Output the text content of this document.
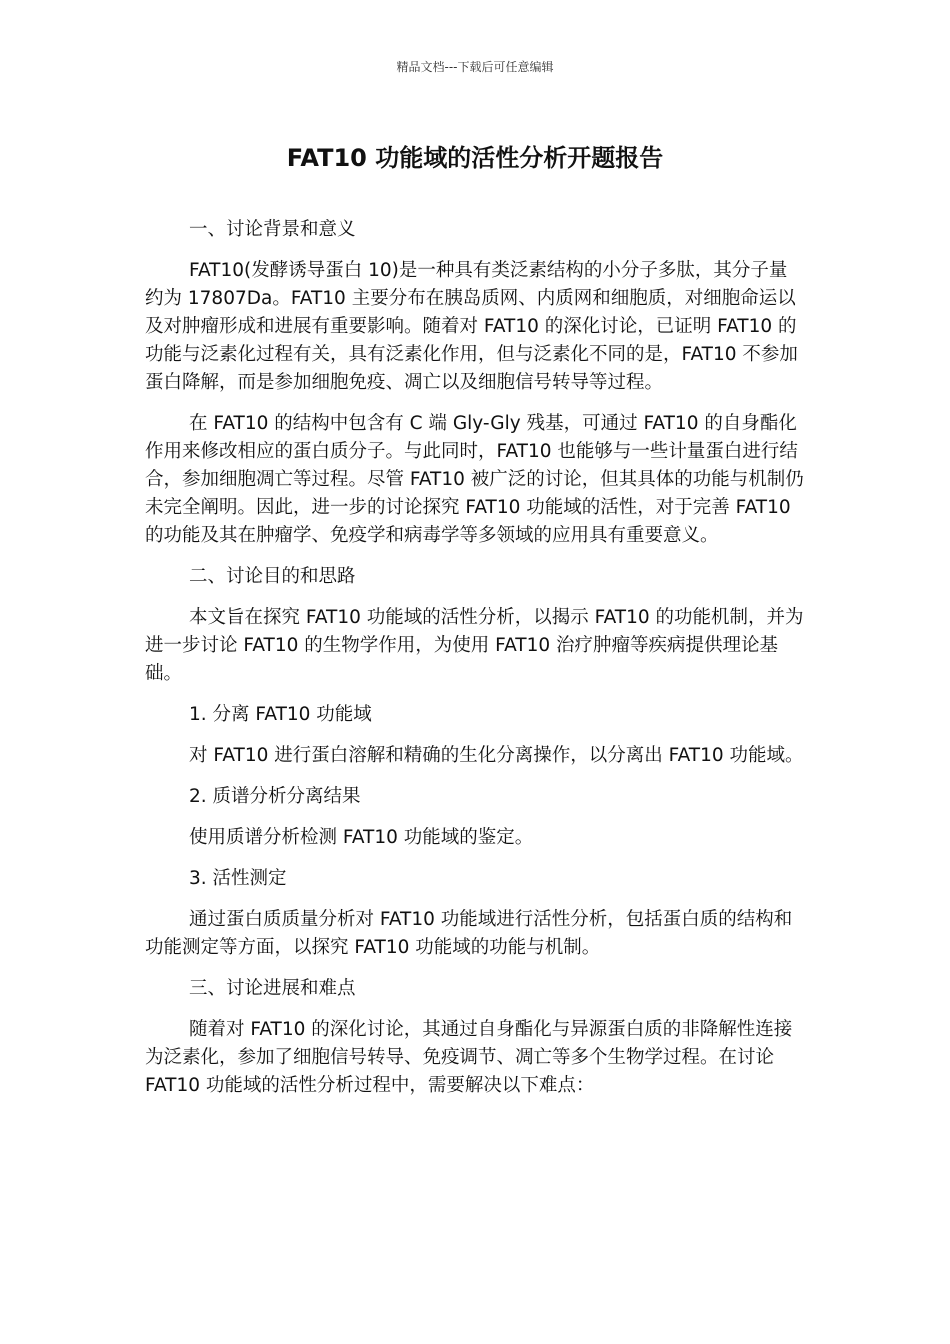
精品文档---下载后可任意编辑
FAT10 功能域的活性分析开题报告

一、讨论背景和意义

FAT10(发酵诱导蛋白 10)是一种具有类泛素结构的小分子多肽，其分子量约为 17807Da。FAT10 主要分布在胰岛质网、内质网和细胞质，对细胞命运以及对肿瘤形成和进展有重要影响。随着对 FAT10 的深化讨论，已证明 FAT10 的功能与泛素化过程有关，具有泛素化作用，但与泛素化不同的是，FAT10 不参加蛋白降解，而是参加细胞免疫、凋亡以及细胞信号转导等过程。

在 FAT10 的结构中包含有 C 端 Gly-Gly 残基，可通过 FAT10 的自身酯化作用来修改相应的蛋白质分子。与此同时，FAT10 也能够与一些计量蛋白进行结合，参加细胞凋亡等过程。尽管 FAT10 被广泛的讨论，但其具体的功能与机制仍未完全阐明。因此，进一步的讨论探究 FAT10 功能域的活性，对于完善 FAT10 的功能及其在肿瘤学、免疫学和病毒学等多领域的应用具有重要意义。

二、讨论目的和思路

本文旨在探究 FAT10 功能域的活性分析，以揭示 FAT10 的功能机制，并为进一步讨论 FAT10 的生物学作用，为使用 FAT10 治疗肿瘤等疾病提供理论基础。

1. 分离 FAT10 功能域

对 FAT10 进行蛋白溶解和精确的生化分离操作，以分离出 FAT10 功能域。

2. 质谱分析分离结果

使用质谱分析检测 FAT10 功能域的鉴定。

3. 活性测定

通过蛋白质质量分析对 FAT10 功能域进行活性分析，包括蛋白质的结构和功能测定等方面，以探究 FAT10 功能域的功能与机制。

三、讨论进展和难点

随着对 FAT10 的深化讨论，其通过自身酯化与异源蛋白质的非降解性连接为泛素化，参加了细胞信号转导、免疫调节、凋亡等多个生物学过程。在讨论 FAT10 功能域的活性分析过程中，需要解决以下难点：
